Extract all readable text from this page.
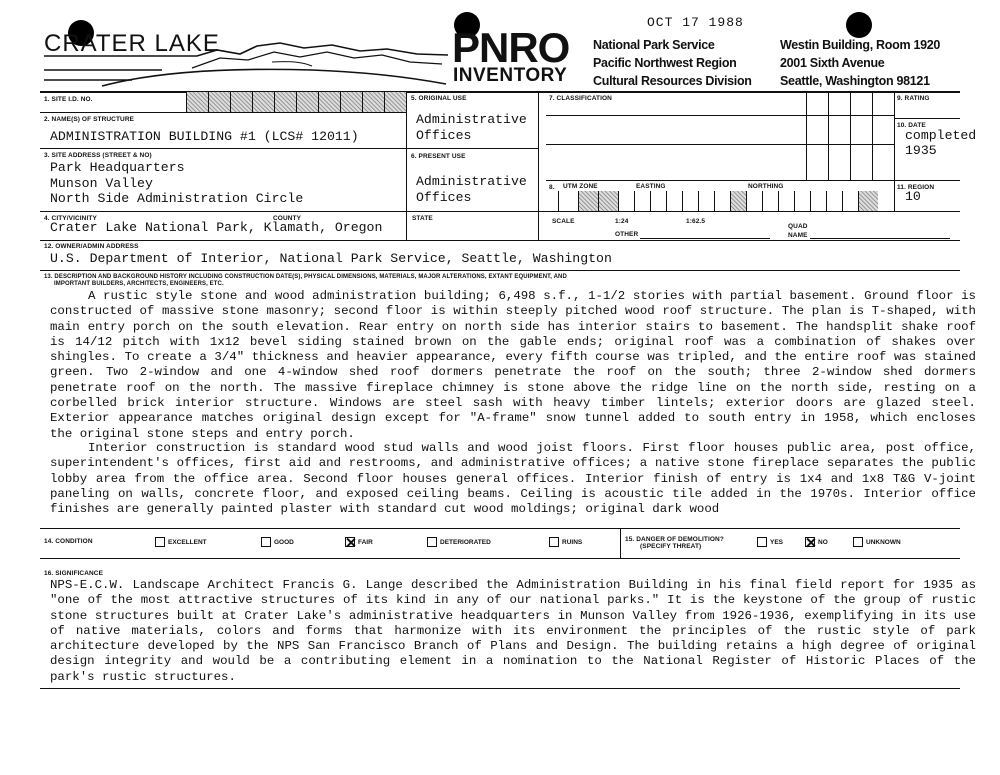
CRATER LAKE	PNRO
INVENTORY
OCT 17 1988
National Park Service
Pacific Northwest Region
Cultural Resources Division
Westin Building, Room 1920
2001 Sixth Avenue
Seattle, Washington 98121
1. SITE I.D. NO.
2. NAME(S) OF STRUCTURE
ADMINISTRATION BUILDING #1 (LCS# 12011)
3. SITE ADDRESS (STREET & NO)
Park Headquarters
Munson Valley
North Side Administration Circle
4. CITY/VICINITY	COUNTY	STATE
Crater Lake National Park, Klamath, Oregon
5. ORIGINAL USE
Administrative
Offices
6. PRESENT USE
Administrative
Offices
7. CLASSIFICATION
8. UTM ZONE	EASTING	NORTHING
SCALE	1:24	1:62.5
OTHER
QUAD
NAME
9. RATING
10. DATE
completed
1935
11. REGION
10
12. OWNER/ADMIN ADDRESS
U.S. Department of Interior, National Park Service, Seattle, Washington
13. DESCRIPTION AND BACKGROUND HISTORY INCLUDING CONSTRUCTION DATE(S), PHYSICAL DIMENSIONS, MATERIALS, MAJOR ALTERATIONS, EXTANT EQUIPMENT, AND
IMPORTANT BUILDERS, ARCHITECTS, ENGINEERS, ETC.
A rustic style stone and wood administration building; 6,498 s.f., 1-1/2 stories with partial basement. Ground floor is constructed of massive stone masonry; second floor is within steeply pitched wood roof structure. The plan is T-shaped, with main entry porch on the south elevation. Rear entry on north side has interior stairs to basement. The handsplit shake roof is 14/12 pitch with 1x12 bevel siding stained brown on the gable ends; original roof was a combination of shakes over shingles. To create a 3/4" thickness and heavier appearance, every fifth course was tripled, and the entire roof was stained green. Two 2-window and one 4-window shed roof dormers penetrate the roof on the south; three 2-window shed dormers penetrate roof on the north. The massive fireplace chimney is stone above the ridge line on the north side, resting on a corbelled brick interior structure. Windows are steel sash with heavy timber lintels; exterior doors are glazed steel. Exterior appearance matches original design except for "A-frame" snow tunnel added to south entry in 1958, which encloses the original stone steps and entry porch.
Interior construction is standard wood stud walls and wood joist floors. First floor houses public area, post office, superintendent's offices, first aid and restrooms, and administrative offices; a native stone fireplace separates the public lobby area from the office area. Second floor houses general offices. Interior finish of entry is 1x4 and 1x8 T&G V-joint paneling on walls, concrete floor, and exposed ceiling beams. Ceiling is acoustic tile added in the 1970s. Interior office finishes are generally painted plaster with standard cut wood moldings; original dark wood
14. CONDITION	EXCELLENT	GOOD	FAIR	DETERIORATED	RUINS	15. DANGER OF DEMOLITION?
(SPECIFY THREAT)
YES	NO	UNKNOWN
16. SIGNIFICANCE
NPS-E.C.W. Landscape Architect Francis G. Lange described the Administration Building in his final field report for 1935 as "one of the most attractive structures of its kind in any of our national parks." It is the keystone of the group of rustic stone structures built at Crater Lake's administrative headquarters in Munson Valley from 1926-1936, exemplifying in its use of native materials, colors and forms that harmonize with its environment the principles of the rustic style of park architecture developed by the NPS San Francisco Branch of Plans and Design. The building retains a high degree of original design integrity and would be a contributing element in a nomination to the National Register of Historic Places of the park's rustic structures.
